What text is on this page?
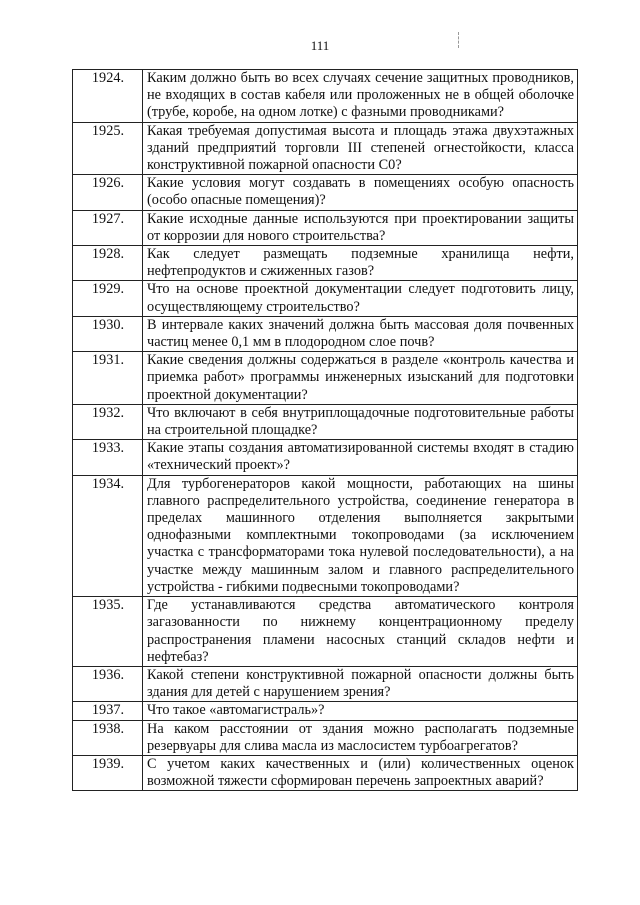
111
1924.	Каким должно быть во всех случаях сечение защитных проводников, не входящих в состав кабеля или проложенных не в общей оболочке (трубе, коробе, на одном лотке) с фазными проводниками?
1925.	Какая требуемая допустимая высота и площадь этажа двухэтажных зданий предприятий торговли III степеней огнестойкости, класса конструктивной пожарной опасности С0?
1926.	Какие условия могут создавать в помещениях особую опасность (особо опасные помещения)?
1927.	Какие исходные данные используются при проектировании защиты от коррозии для нового строительства?
1928.	Как следует размещать подземные хранилища нефти, нефтепродуктов и сжиженных газов?
1929.	Что на основе проектной документации следует подготовить лицу, осуществляющему строительство?
1930.	В интервале каких значений должна быть массовая доля почвенных частиц менее 0,1 мм в плодородном слое почв?
1931.	Какие сведения должны содержаться в разделе «контроль качества и приемка работ» программы инженерных изысканий для подготовки проектной документации?
1932.	Что включают в себя внутриплощадочные подготовительные работы на строительной площадке?
1933.	Какие этапы создания автоматизированной системы входят в стадию «технический проект»?
1934.	Для турбогенераторов какой мощности, работающих на шины главного распределительного устройства, соединение генератора в пределах машинного отделения выполняется закрытыми однофазными комплектными токопроводами (за исключением участка с трансформаторами тока нулевой последовательности), а на участке между машинным залом и главного распределительного устройства - гибкими подвесными токопроводами?
1935.	Где устанавливаются средства автоматического контроля загазованности по нижнему концентрационному пределу распространения пламени насосных станций складов нефти и нефтебаз?
1936.	Какой степени конструктивной пожарной опасности должны быть здания для детей с нарушением зрения?
1937.	Что такое «автомагистраль»?
1938.	На каком расстоянии от здания можно располагать подземные резервуары для слива масла из маслосистем турбоагрегатов?
1939.	С учетом каких качественных и (или) количественных оценок возможной тяжести сформирован перечень запроектных аварий?
